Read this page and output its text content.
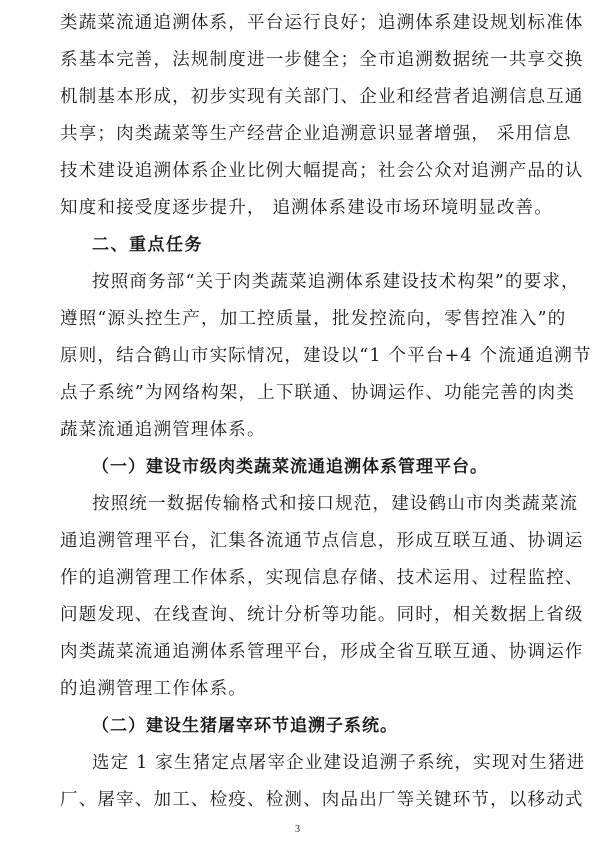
类蔬菜流通追溯体系，平台运行良好；追溯体系建设规划标准体
系基本完善，法规制度进一步健全；全市追溯数据统一共享交换
机制基本形成，初步实现有关部门、企业和经营者追溯信息互通
共享；肉类蔬菜等生产经营企业追溯意识显著增强， 采用信息
技术建设追溯体系企业比例大幅提高；社会公众对追溯产品的认
知度和接受度逐步提升， 追溯体系建设市场环境明显改善。
二、重点任务
按照商务部“关于肉类蔬菜追溯体系建设技术构架”的要求，
遵照“源头控生产，加工控质量，批发控流向，零售控准入”的
原则，结合鹤山市实际情况，建设以“1 个平台+4 个流通追溯节
点子系统”为网络构架，上下联通、协调运作、功能完善的肉类
蔬菜流通追溯管理体系。
（一）建设市级肉类蔬菜流通追溯体系管理平台。
按照统一数据传输格式和接口规范，建设鹤山市肉类蔬菜流
通追溯管理平台，汇集各流通节点信息，形成互联互通、协调运
作的追溯管理工作体系，实现信息存储、技术运用、过程监控、
问题发现、在线查询、统计分析等功能。同时，相关数据上省级
肉类蔬菜流通追溯体系管理平台，形成全省互联互通、协调运作
的追溯管理工作体系。
（二）建设生猪屠宰环节追溯子系统。
选定 1 家生猪定点屠宰企业建设追溯子系统，实现对生猪进
厂、屠宰、加工、检疫、检测、肉品出厂等关键环节，以移动式
3
